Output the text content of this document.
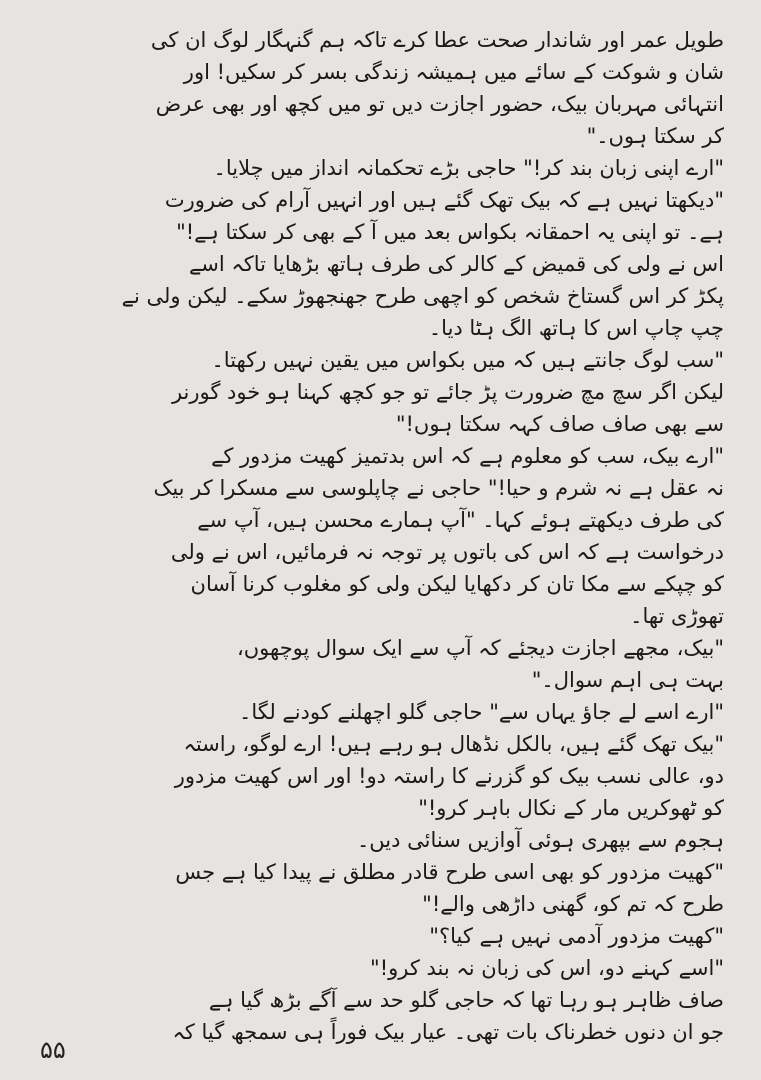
طویل عمر اور شاندار صحت عطا کرے تاکہ ہم گنہگار لوگ ان کی
شان و شوکت کے سائے میں ہمیشہ زندگی بسر کر سکیں! اور
انتہائی مہربان بیک، حضور اجازت دیں تو میں کچھ اور بھی عرض
کر سکتا ہوں۔"
"ارے اپنی زبان بند کر!" حاجی بڑے تحکمانہ انداز میں چلایا۔
"دیکھتا نہیں ہے کہ بیک تھک گئے ہیں اور انہیں آرام کی ضرورت
ہے۔ تو اپنی یہ احمقانہ بکواس بعد میں آ کے بھی کر سکتا ہے!"
اس نے ولی کی قمیض کے کالر کی طرف ہاتھ بڑھایا تاکہ اسے
پکڑ کر اس گستاخ شخص کو اچھی طرح جھنجھوڑ سکے۔ لیکن ولی نے
چپ چاپ اس کا ہاتھ الگ ہٹا دیا۔
"سب لوگ جانتے ہیں کہ میں بکواس میں یقین نہیں رکھتا۔
لیکن اگر سچ مچ ضرورت پڑ جائے تو جو کچھ کہنا ہو خود گورنر
سے بھی صاف صاف کہہ سکتا ہوں!"
"ارے بیک، سب کو معلوم ہے کہ اس بدتمیز کھیت مزدور کے
نہ عقل ہے نہ شرم و حیا!" حاجی نے چاپلوسی سے مسکرا کر بیک
کی طرف دیکھتے ہوئے کہا۔ "آپ ہمارے محسن ہیں، آپ سے
درخواست ہے کہ اس کی باتوں پر توجہ نہ فرمائیں، اس نے ولی
کو چپکے سے مکا تان کر دکھایا لیکن ولی کو مغلوب کرنا آسان
تھوڑی تھا۔
"بیک، مجھے اجازت دیجئے کہ آپ سے ایک سوال پوچھوں،
بہت ہی اہم سوال۔"
"ارے اسے لے جاؤ یہاں سے" حاجی گلو اچھلنے کودنے لگا۔
"بیک تھک گئے ہیں، بالکل نڈھال ہو رہے ہیں! ارے لوگو، راستہ
دو، عالی نسب بیک کو گزرنے کا راستہ دو! اور اس کھیت مزدور
کو ٹھوکریں مار کے نکال باہر کرو!"
ہجوم سے بپھری ہوئی آوازیں سنائی دیں۔
"کھیت مزدور کو بھی اسی طرح قادر مطلق نے پیدا کیا ہے جس
طرح کہ تم کو، گھنی داڑھی والے!"
"کھیت مزدور آدمی نہیں ہے کیا؟"
"اسے کہنے دو، اس کی زبان نہ بند کرو!"
صاف ظاہر ہو رہا تھا کہ حاجی گلو حد سے آگے بڑھ گیا ہے
جو ان دنوں خطرناک بات تھی۔ عیار بیک فوراً ہی سمجھ گیا کہ
۵۵
